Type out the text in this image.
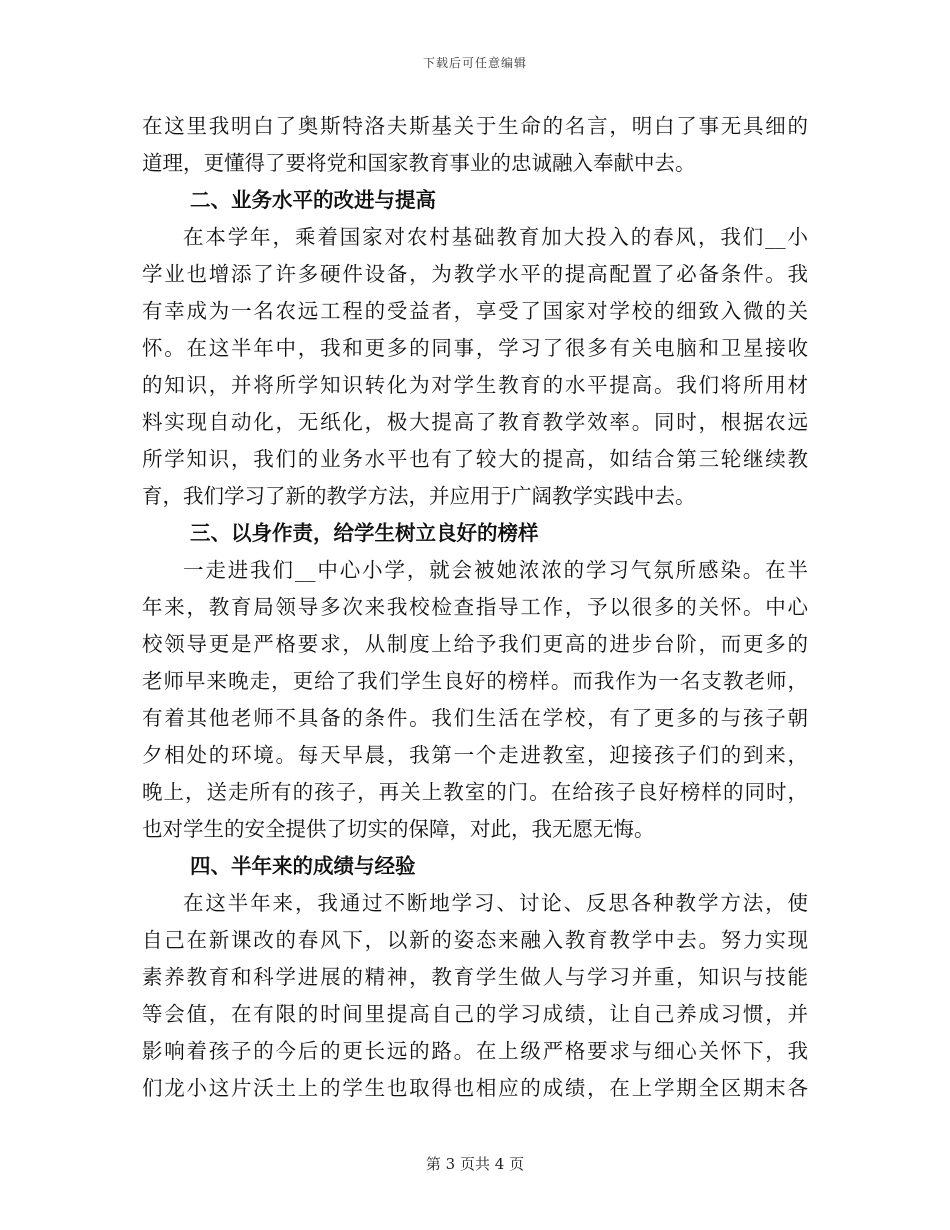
下载后可任意编辑
在这里我明白了奥斯特洛夫斯基关于生命的名言，明白了事无具细的
道理，更懂得了要将党和国家教育事业的忠诚融入奉献中去。
二、业务水平的改进与提高
在本学年，乘着国家对农村基础教育加大投入的春风，我们__小
学业也增添了许多硬件设备，为教学水平的提高配置了必备条件。我
有幸成为一名农远工程的受益者，享受了国家对学校的细致入微的关
怀。在这半年中，我和更多的同事，学习了很多有关电脑和卫星接收
的知识，并将所学知识转化为对学生教育的水平提高。我们将所用材
料实现自动化，无纸化，极大提高了教育教学效率。同时，根据农远
所学知识，我们的业务水平也有了较大的提高，如结合第三轮继续教
育，我们学习了新的教学方法，并应用于广阔教学实践中去。
三、以身作责，给学生树立良好的榜样
一走进我们__中心小学，就会被她浓浓的学习气氛所感染。在半
年来，教育局领导多次来我校检查指导工作，予以很多的关怀。中心
校领导更是严格要求，从制度上给予我们更高的进步台阶，而更多的
老师早来晚走，更给了我们学生良好的榜样。而我作为一名支教老师，
有着其他老师不具备的条件。我们生活在学校，有了更多的与孩子朝
夕相处的环境。每天早晨，我第一个走进教室，迎接孩子们的到来，
晚上，送走所有的孩子，再关上教室的门。在给孩子良好榜样的同时，
也对学生的安全提供了切实的保障，对此，我无愿无悔。
四、半年来的成绩与经验
在这半年来，我通过不断地学习、讨论、反思各种教学方法，使
自己在新课改的春风下，以新的姿态来融入教育教学中去。努力实现
素养教育和科学进展的精神，教育学生做人与学习并重，知识与技能
等会值，在有限的时间里提高自己的学习成绩，让自己养成习惯，并
影响着孩子的今后的更长远的路。在上级严格要求与细心关怀下，我
们龙小这片沃土上的学生也取得也相应的成绩，在上学期全区期末各
第 3 页共 4 页
